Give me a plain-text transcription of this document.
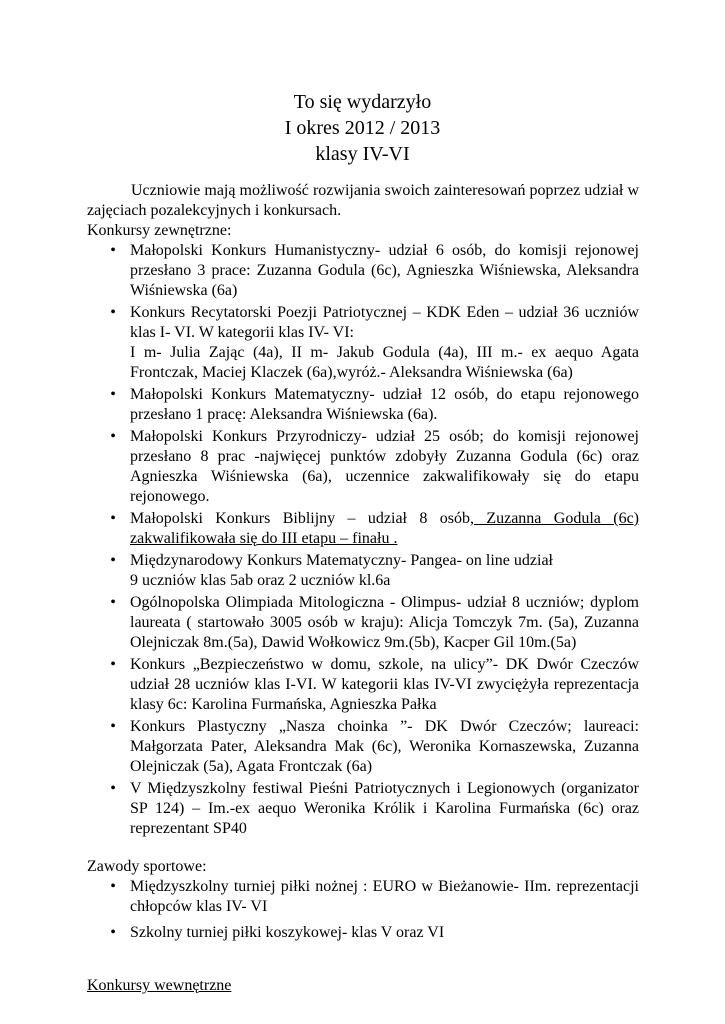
To się wydarzyło
I okres 2012 / 2013
klasy IV-VI

Uczniowie mają możliwość rozwijania swoich zainteresowań poprzez udział w zajęciach pozalekcyjnych i konkursach.

Konkursy zewnętrzne:

• Małopolski Konkurs Humanistyczny- udział 6 osób, do komisji rejonowej przesłano 3 prace: Zuzanna Godula (6c), Agnieszka Wiśniewska, Aleksandra Wiśniewska (6a)
• Konkurs Recytatorski Poezji Patriotycznej – KDK Eden – udział 36 uczniów klas I- VI. W kategorii klas IV- VI:
I m- Julia Zając (4a), II m- Jakub Godula (4a), III m.- ex aequo Agata Frontczak, Maciej Klaczek (6a),wyróż.- Aleksandra Wiśniewska (6a)
• Małopolski Konkurs Matematyczny- udział 12 osób, do etapu rejonowego przesłano 1 pracę: Aleksandra Wiśniewska (6a).
• Małopolski Konkurs Przyrodniczy- udział 25 osób; do komisji rejonowej przesłano 8 prac -najwięcej punktów zdobyły Zuzanna Godula (6c) oraz Agnieszka Wiśniewska (6a), uczennice zakwalifikowały się do etapu rejonowego.
• Małopolski Konkurs Biblijny – udział 8 osób, Zuzanna Godula (6c) zakwalifikowała się do III etapu – finału .
• Międzynarodowy Konkurs Matematyczny- Pangea- on line udział
9 uczniów klas 5ab oraz 2 uczniów kl.6a
• Ogólnopolska Olimpiada Mitologiczna - Olimpus- udział 8 uczniów; dyplom laureata ( startowało 3005 osób w kraju): Alicja Tomczyk 7m. (5a), Zuzanna Olejniczak 8m.(5a), Dawid Wołkowicz 9m.(5b), Kacper Gil 10m.(5a)
• Konkurs „Bezpieczeństwo w domu, szkole, na ulicy”- DK Dwór Czeczów udział 28 uczniów klas I-VI. W kategorii klas IV-VI zwyciężyła reprezentacja klasy 6c: Karolina Furmańska, Agnieszka Pałka
• Konkurs Plastyczny „Nasza choinka ”- DK Dwór Czeczów; laureaci: Małgorzata Pater, Aleksandra Mak (6c), Weronika Kornaszewska, Zuzanna Olejniczak (5a), Agata Frontczak (6a)
• V Międzyszkolny festiwal Pieśni Patriotycznych i Legionowych (organizator SP 124) – Im.-ex aequo Weronika Królik i Karolina Furmańska (6c) oraz reprezentant SP40

Zawody sportowe:

• Międzyszkolny turniej piłki nożnej : EURO w Bieżanowie- IIm. reprezentacji chłopców klas IV- VI
• Szkolny turniej piłki koszykowej- klas V oraz VI

Konkursy wewnętrzne
